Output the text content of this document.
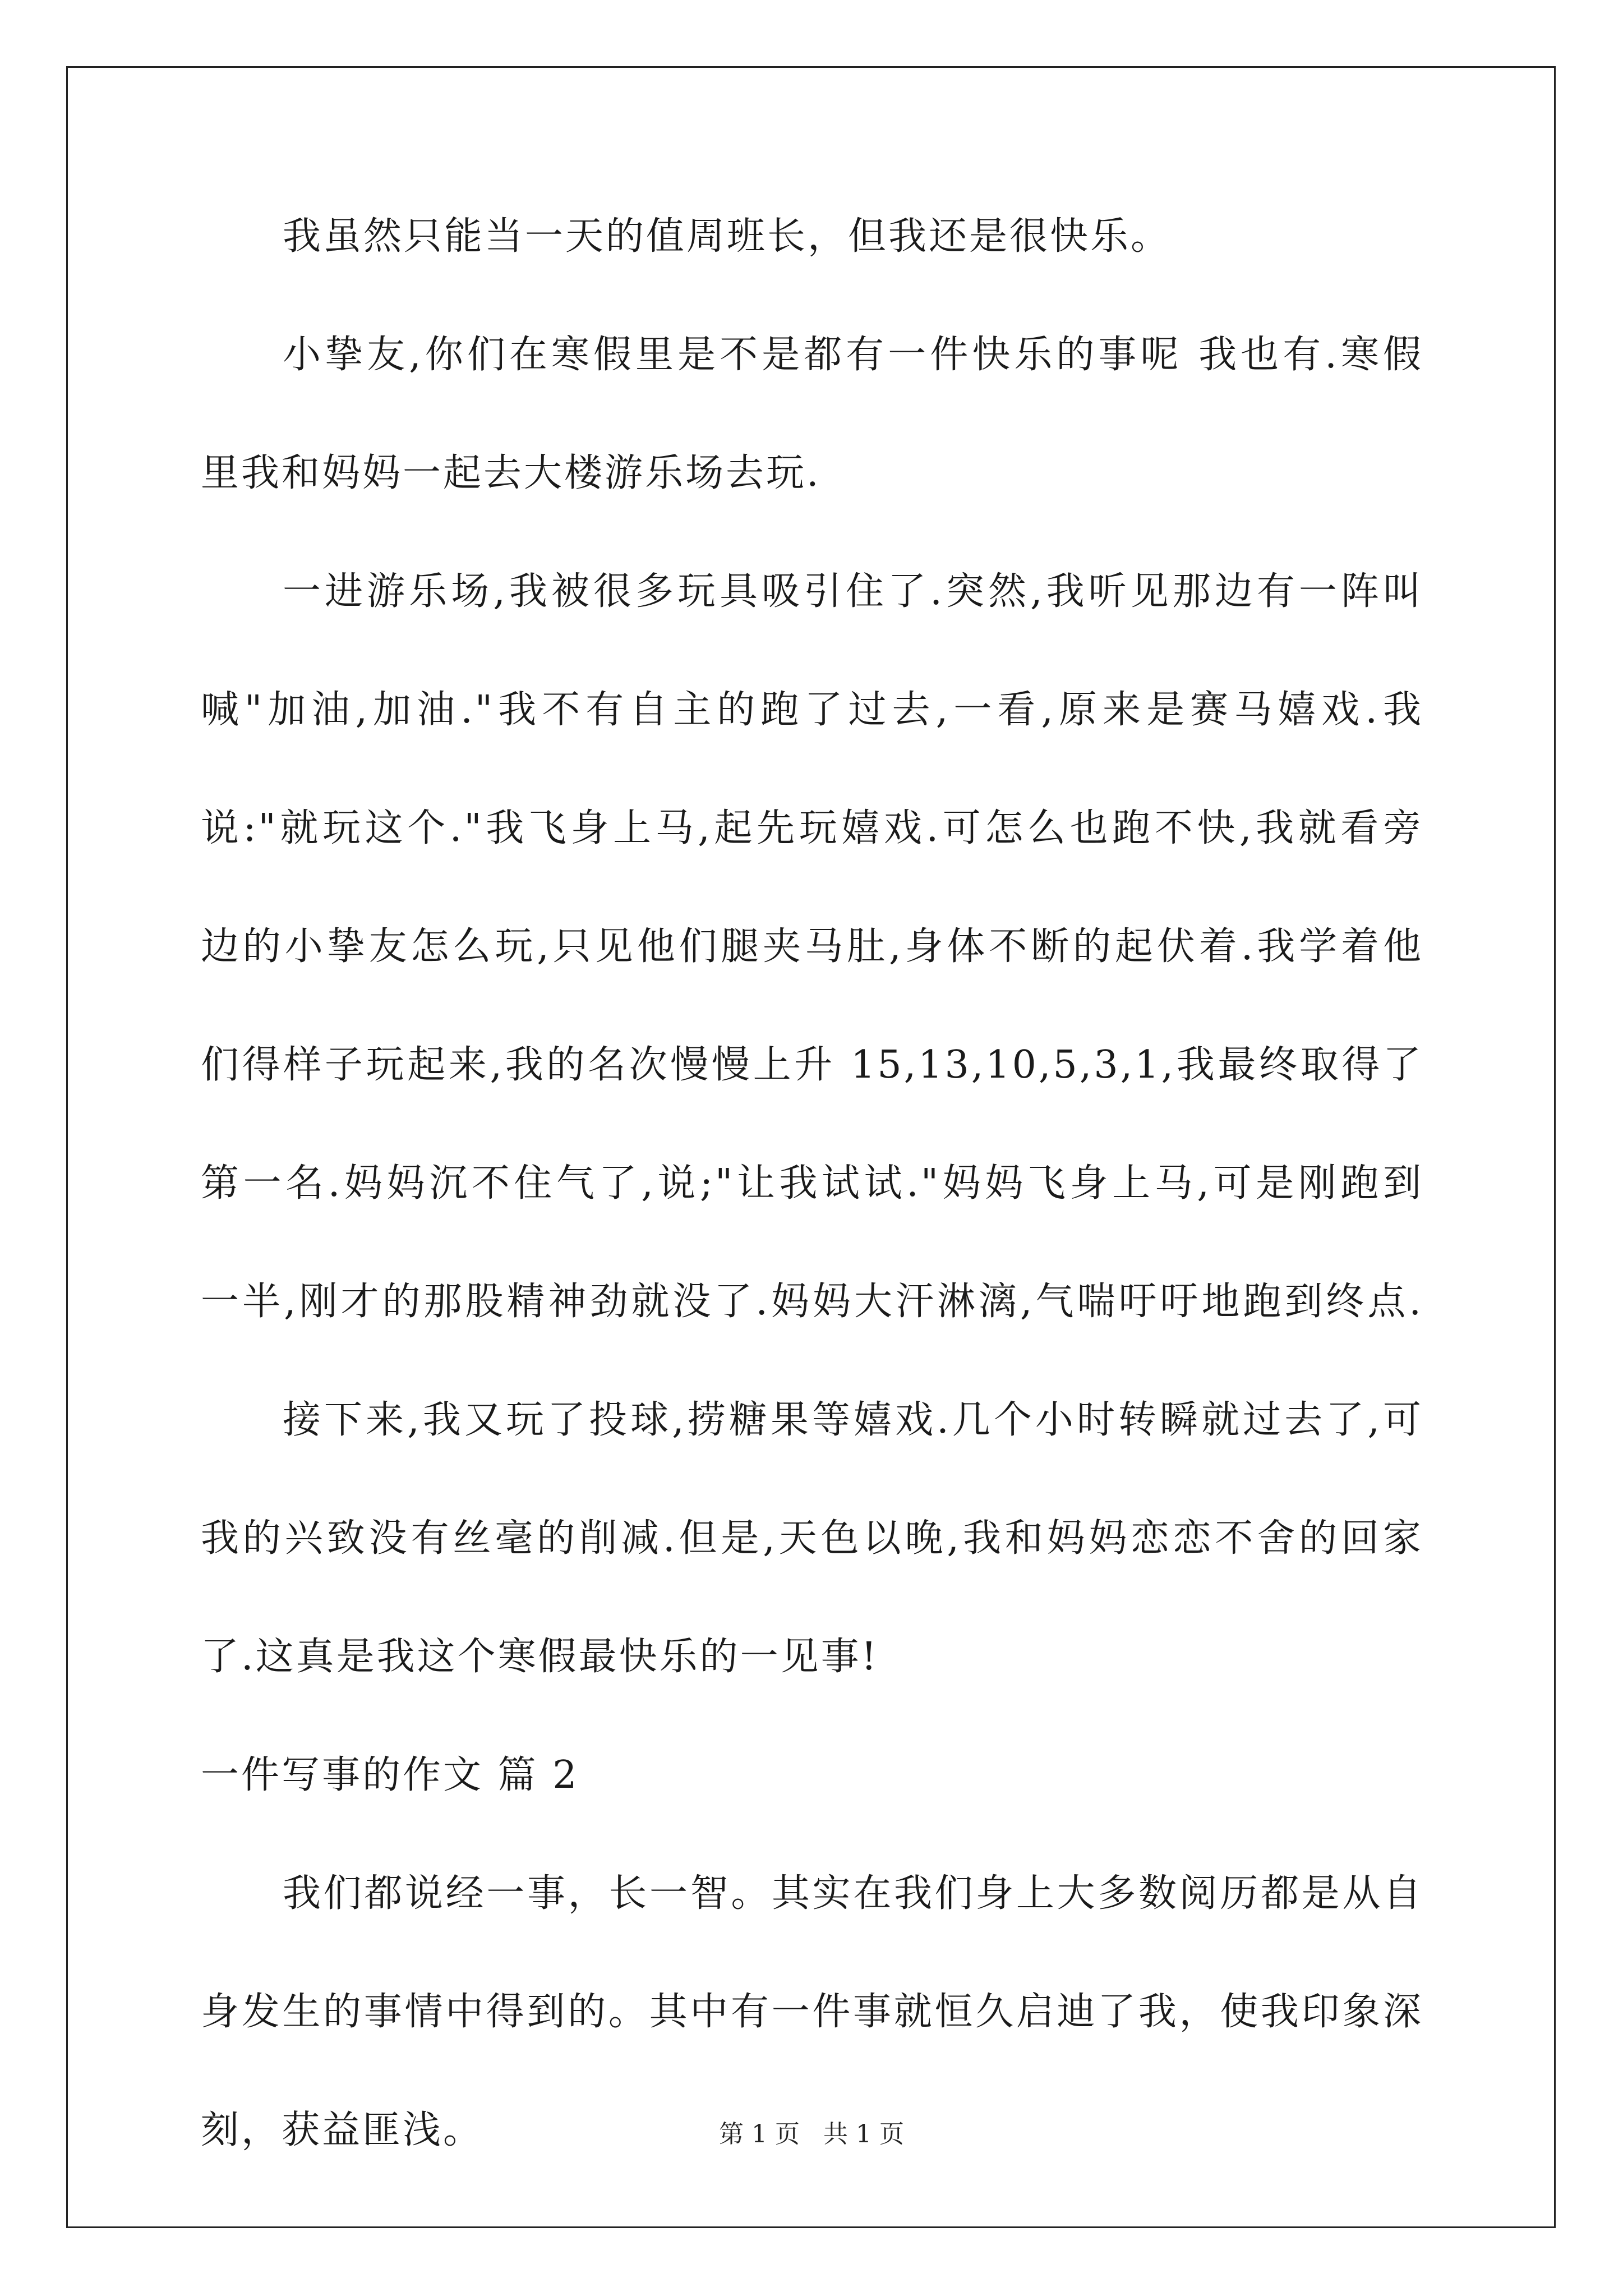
我虽然只能当一天的值周班长，但我还是很快乐。
小挚友,你们在寒假里是不是都有一件快乐的事呢 我也有.寒假
里我和妈妈一起去大楼游乐场去玩.
一进游乐场,我被很多玩具吸引住了.突然,我听见那边有一阵叫
喊"加油,加油."我不有自主的跑了过去,一看,原来是赛马嬉戏.我
说:"就玩这个."我飞身上马,起先玩嬉戏.可怎么也跑不快,我就看旁
边的小挚友怎么玩,只见他们腿夹马肚,身体不断的起伏着.我学着他
们得样子玩起来,我的名次慢慢上升 15,13,10,5,3,1,我最终取得了
第一名.妈妈沉不住气了,说;"让我试试."妈妈飞身上马,可是刚跑到
一半,刚才的那股精神劲就没了.妈妈大汗淋漓,气喘吁吁地跑到终点.
接下来,我又玩了投球,捞糖果等嬉戏.几个小时转瞬就过去了,可
我的兴致没有丝毫的削减.但是,天色以晚,我和妈妈恋恋不舍的回家
了.这真是我这个寒假最快乐的一见事!
一件写事的作文 篇 2
我们都说经一事，长一智。其实在我们身上大多数阅历都是从自
身发生的事情中得到的。其中有一件事就恒久启迪了我，使我印象深
刻，获益匪浅。	第 1 页 共 1 页
